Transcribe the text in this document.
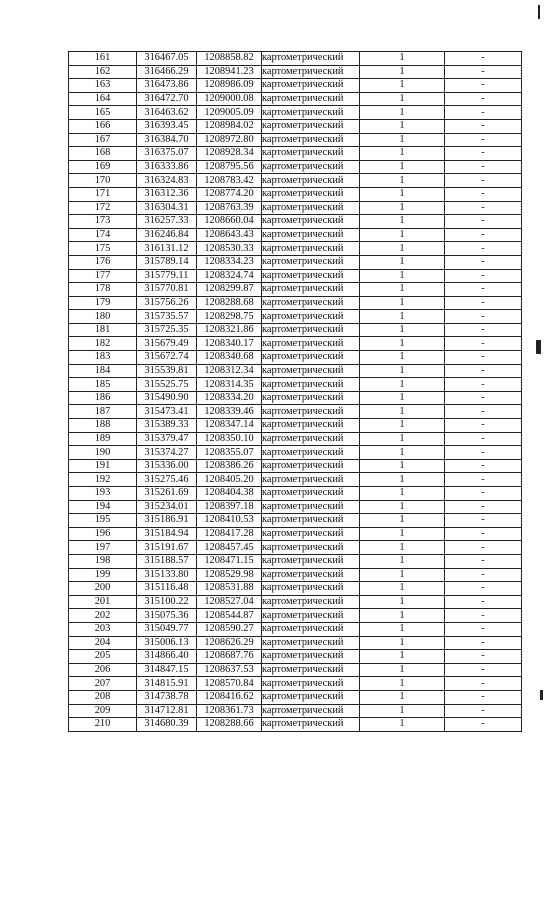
161	316467.05	1208858.82	картометрический	1	-
162	316466.29	1208941.23	картометрический	1	-
163	316473.86	1208986.09	картометрический	1	-
164	316472.70	1209000.08	картометрический	1	-
165	316463.62	1209005.09	картометрический	1	-
166	316393.45	1208984.02	картометрический	1	-
167	316384.70	1208972.80	картометрический	1	-
168	316375.07	1208928.34	картометрический	1	-
169	316333.86	1208795.56	картометрический	1	-
170	316324.83	1208783.42	картометрический	1	-
171	316312.36	1208774.20	картометрический	1	-
172	316304.31	1208763.39	картометрический	1	-
173	316257.33	1208660.04	картометрический	1	-
174	316246.84	1208643.43	картометрический	1	-
175	316131.12	1208530.33	картометрический	1	-
176	315789.14	1208334.23	картометрический	1	-
177	315779.11	1208324.74	картометрический	1	-
178	315770.81	1208299.87	картометрический	1	-
179	315756.26	1208288.68	картометрический	1	-
180	315735.57	1208298.75	картометрический	1	-
181	315725.35	1208321.86	картометрический	1	-
182	315679.49	1208340.17	картометрический	1	-
183	315672.74	1208340.68	картометрический	1	-
184	315539.81	1208312.34	картометрический	1	-
185	315525.75	1208314.35	картометрический	1	-
186	315490.90	1208334.20	картометрический	1	-
187	315473.41	1208339.46	картометрический	1	-
188	315389.33	1208347.14	картометрический	1	-
189	315379.47	1208350.10	картометрический	1	-
190	315374.27	1208355.07	картометрический	1	-
191	315336.00	1208386.26	картометрический	1	-
192	315275.46	1208405.20	картометрический	1	-
193	315261.69	1208404.38	картометрический	1	-
194	315234.01	1208397.18	картометрический	1	-
195	315186.91	1208410.53	картометрический	1	-
196	315184.94	1208417.28	картометрический	1	-
197	315191.67	1208457.45	картометрический	1	-
198	315188.57	1208471.15	картометрический	1	-
199	315133.80	1208529.98	картометрический	1	-
200	315116.48	1208531.88	картометрический	1	-
201	315100.22	1208527.04	картометрический	1	-
202	315075.36	1208544.87	картометрический	1	-
203	315049.77	1208590.27	картометрический	1	-
204	315006.13	1208626.29	картометрический	1	-
205	314866.40	1208687.76	картометрический	1	-
206	314847.15	1208637.53	картометрический	1	-
207	314815.91	1208570.84	картометрический	1	-
208	314738.78	1208416.62	картометрический	1	-
209	314712.81	1208361.73	картометрический	1	-
210	314680.39	1208288.66	картометрический	1	-
